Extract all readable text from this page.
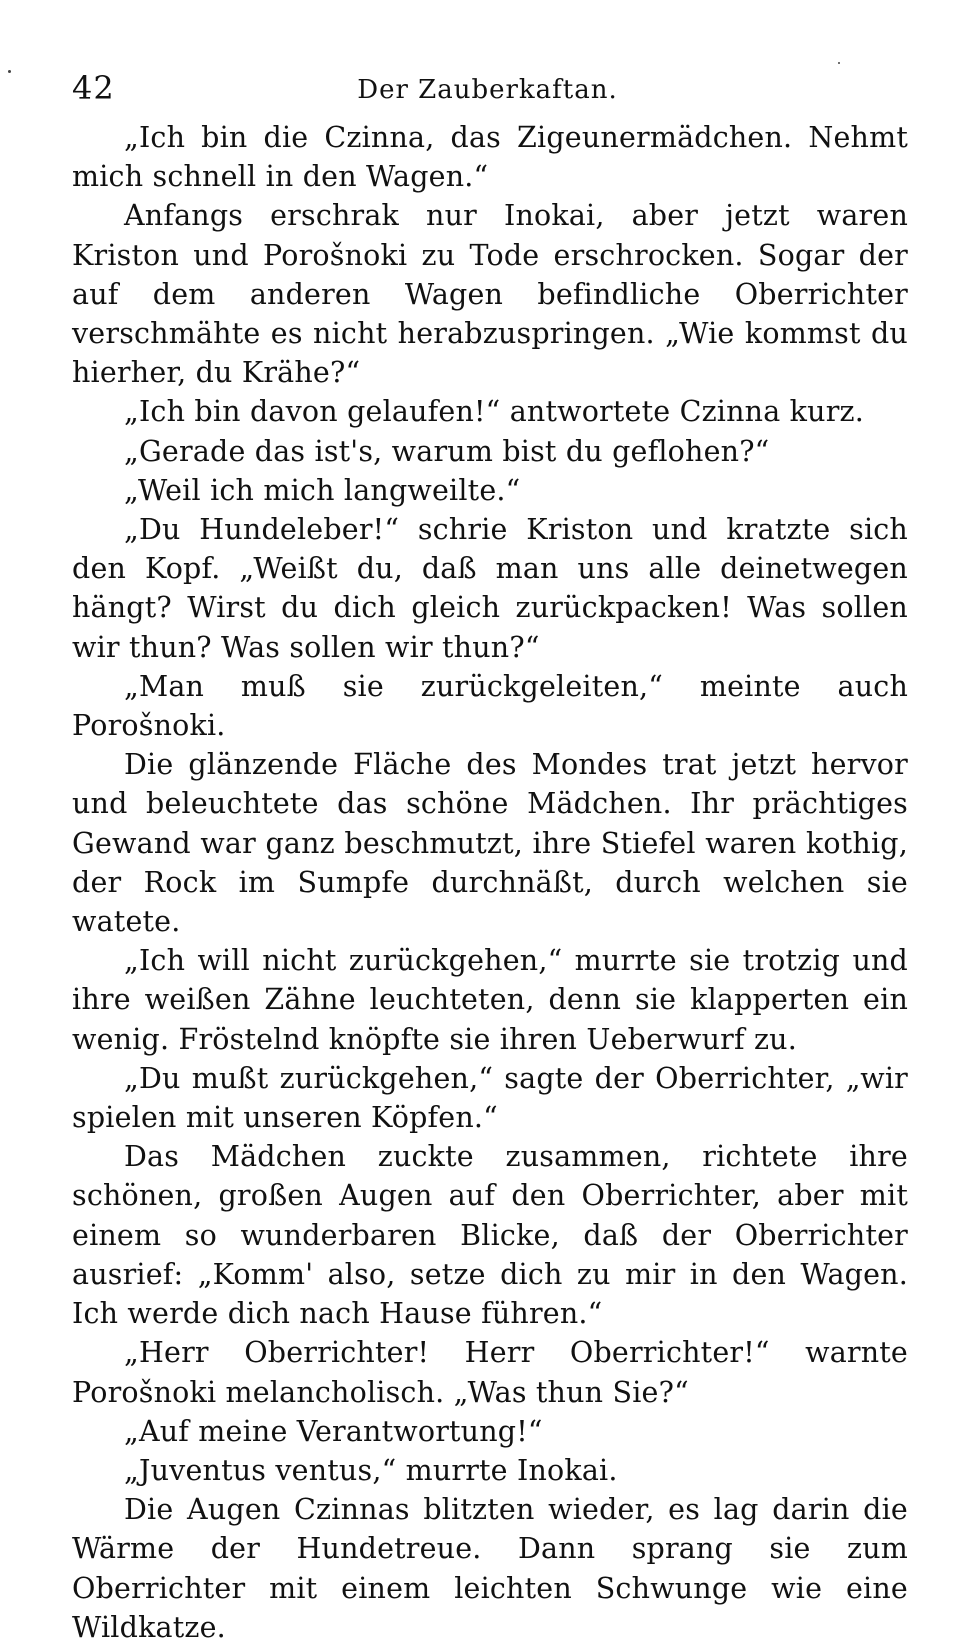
42	Der Zauberkaftan.

„Ich bin die Czinna, das Zigeunermädchen. Nehmt mich schnell in den Wagen.“

Anfangs erschrak nur Inokai, aber jetzt waren Kriston und Porošnoki zu Tode erschrocken. Sogar der auf dem anderen Wagen befindliche Oberrichter verschmähte es nicht herabzuspringen. „Wie kommst du hierher, du Krähe?“

„Ich bin davon gelaufen!“ antwortete Czinna kurz.

„Gerade das ist's, warum bist du geflohen?“

„Weil ich mich langweilte.“

„Du Hundeleber!“ schrie Kriston und kratzte sich den Kopf. „Weißt du, daß man uns alle deinetwegen hängt? Wirst du dich gleich zurückpacken! Was sollen wir thun? Was sollen wir thun?“

„Man muß sie zurückgeleiten,“ meinte auch Porošnoki.

Die glänzende Fläche des Mondes trat jetzt hervor und beleuchtete das schöne Mädchen. Ihr prächtiges Gewand war ganz beschmutzt, ihre Stiefel waren kothig, der Rock im Sumpfe durchnäßt, durch welchen sie watete.

„Ich will nicht zurückgehen,“ murrte sie trotzig und ihre weißen Zähne leuchteten, denn sie klapperten ein wenig. Fröstelnd knöpfte sie ihren Ueberwurf zu.

„Du mußt zurückgehen,“ sagte der Oberrichter, „wir spielen mit unseren Köpfen.“

Das Mädchen zuckte zusammen, richtete ihre schönen, großen Augen auf den Oberrichter, aber mit einem so wunderbaren Blicke, daß der Oberrichter ausrief: „Komm' also, setze dich zu mir in den Wagen. Ich werde dich nach Hause führen.“

„Herr Oberrichter! Herr Oberrichter!“ warnte Porošnoki melancholisch. „Was thun Sie?“

„Auf meine Verantwortung!“

„Juventus ventus,“ murrte Inokai.

Die Augen Czinnas blitzten wieder, es lag darin die Wärme der Hundetreue. Dann sprang sie zum Oberrichter mit einem leichten Schwunge wie eine Wildkatze.
